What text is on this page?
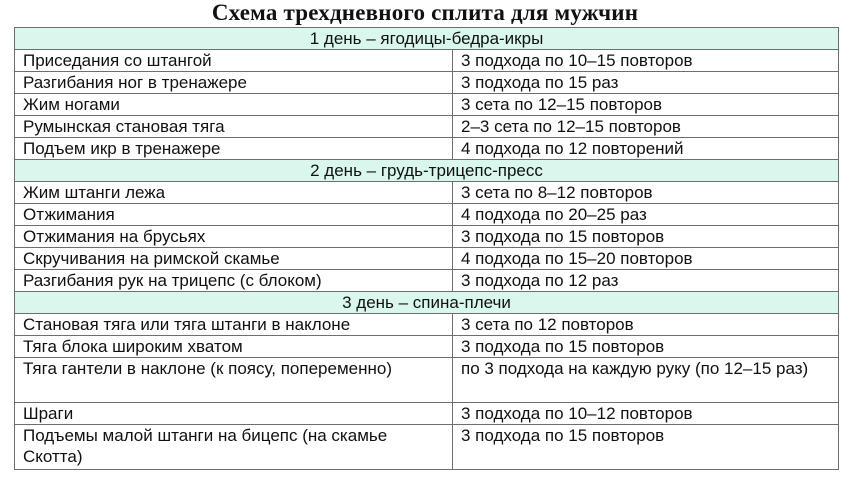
Схема трехдневного сплита для мужчин
1 день – ягодицы-бедра-икры	
Приседания со штангой	3 подхода по 10–15 повторов
Разгибания ног в тренажере	3 подхода по 15 раз
Жим ногами	3 сета по 12–15 повторов
Румынская становая тяга	2–3 сета по 12–15 повторов
Подъем икр в тренажере	4 подхода по 12 повторений
2 день – грудь-трицепс-пресс	
Жим штанги лежа	3 сета по 8–12 повторов
Отжимания	4 подхода по 20–25 раз
Отжимания на брусьях	3 подхода по 15 повторов
Скручивания на римской скамье	4 подхода по 15–20 повторов
Разгибания рук на трицепс (с блоком)	3 подхода по 12 раз
3 день – спина-плечи	
Становая тяга или тяга штанги в наклоне	3 сета по 12 повторов
Тяга блока широким хватом	3 подхода по 15 повторов
Тяга гантели в наклоне (к поясу, попеременно)	по 3 подхода на каждую руку (по 12–15 раз)
Шраги	3 подхода по 10–12 повторов
Подъемы малой штанги на бицепс (на скамье Скотта)	3 подхода по 15 повторов
